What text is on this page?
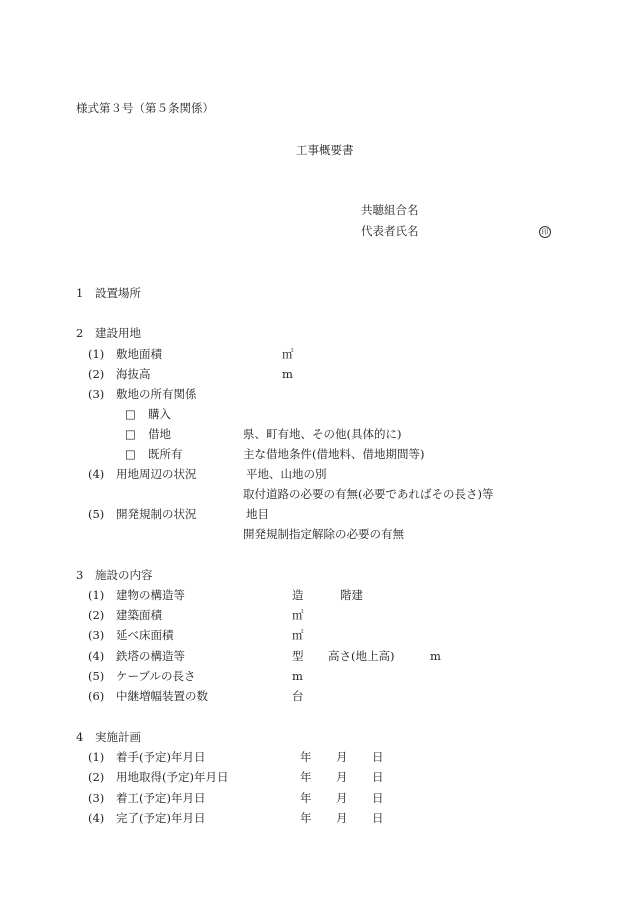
様式第３号（第５条関係）
工事概要書
共聴組合名
代表者氏名	印
1 設置場所
2 建設用地
(1) 敷地面積	㎡
(2) 海抜高	m
(3) 敷地の所有関係
□ 購入
□ 借地	県、町有地、その他(具体的に)
□ 既所有	主な借地条件(借地料、借地期間等)
(4) 用地周辺の状況	平地、山地の別
取付道路の必要の有無(必要であればその長さ)等
(5) 開発規制の状況	地目
開発規制指定解除の必要の有無
3 施設の内容
(1) 建物の構造等	造	階建
(2) 建築面積	㎡
(3) 延べ床面積	㎡
(4) 鉄塔の構造等	型 高さ(地上高)	m
(5) ケーブルの長さ	m
(6) 中継増幅装置の数	台
4 実施計画
(1) 着手(予定)年月日	年 月 日
(2) 用地取得(予定)年月日	年 月 日
(3) 着工(予定)年月日	年 月 日
(4) 完了(予定)年月日	年 月 日
